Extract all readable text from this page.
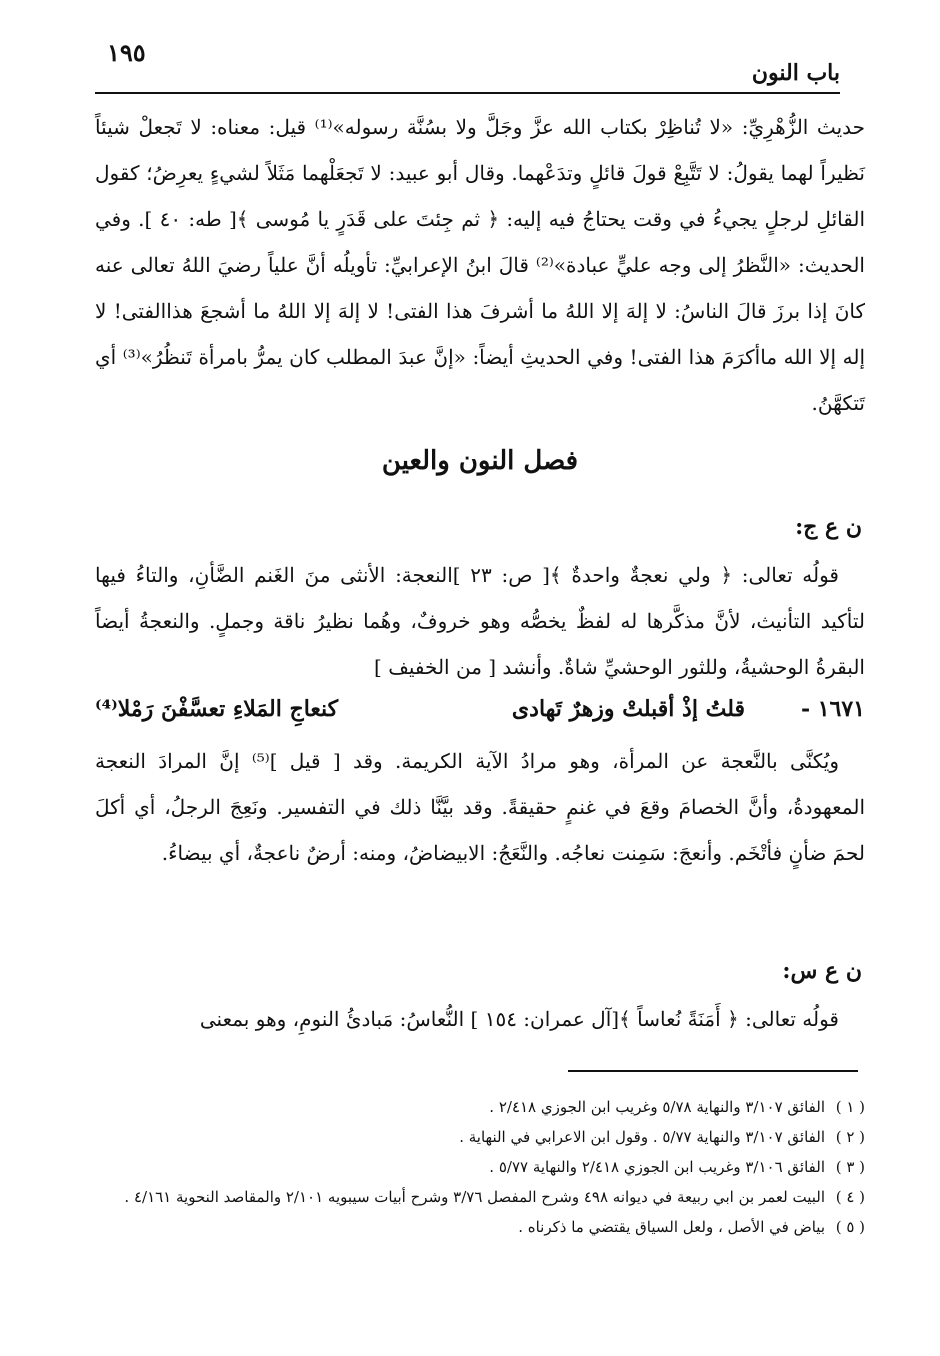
باب النون
١٩٥

حديث الزُّهْرِيِّ: «لا تُناظِرْ بكتاب الله عزَّ وجَلَّ ولا بسُنَّة رسوله»⁽¹⁾ قيل: معناه: لا تَجعلْ شيئاً نَظيراً لهما يقولُ: لا تَتَّبِعْ قولَ قائلٍ وتدَعْهما. وقال أبو عبيد: لا تَجعَلْهما مَثَلاً لشيءٍ يعرِضُ؛ كقول القائلِ لرجلٍ يجيءُ في وقت يحتاجُ فيه إليه: ﴿ ثم جِئتَ على قَدَرٍ يا مُوسى ﴾[ طه: ٤٠ ]. وفي الحديث: «النَّظرُ إلى وجه عليٍّ عبادة»⁽²⁾ قالَ ابنُ الإعرابيِّ: تأويلُه أنَّ علياً رضيَ اللهُ تعالى عنه كانَ إذا برزَ قالَ الناسُ: لا إلهَ إلا اللهُ ما أشرفَ هذا الفتى! لا إلهَ إلا اللهُ ما أشجعَ هذاالفتى! لا إله إلا الله ماأكرَمَ هذا الفتى! وفي الحديثِ أيضاً: «إنَّ عبدَ المطلب كان يمرُّ بامرأة تَنظُرُ»⁽³⁾ أي تَتكهَّنُ.

فصل النون والعين
ن ع ج:

قولُه تعالى: ﴿ ولي نعجةٌ واحدةٌ ﴾[ ص: ٢٣ ]النعجة: الأنثى منَ الغَنم الضَّأنِ، والتاءُ فيها لتأكيد التأنيث، لأنَّ مذكَّرها له لفظٌ يخصُّه وهو خروفٌ، وهُما نظيرُ ناقة وجملٍ. والنعجةُ أيضاً البقرةُ الوحشيةُ، وللثور الوحشيِّ شاةٌ. وأنشد [ من الخفيف ]

١٦٧١ -
قلتُ إذْ أقبلتْ وزهرٌ تَهادى
كنعاجِ المَلاءِ تعسَّفْنَ رَمْلا⁽⁴⁾

ويُكنَّى بالنَّعجة عن المرأة، وهو مرادُ الآية الكريمة. وقد [ قيل ]⁽⁵⁾ إنَّ المرادَ النعجة المعهودةُ، وأنَّ الخصامَ وقعَ في غنمٍ حقيقةً. وقد بيَّنَّا ذلك في التفسير. ونَعِجَ الرجلُ، أي أكلَ لحمَ ضأنٍ فأتْخَم. وأنعجَ: سَمِنت نعاجُه. والنَّعَجُ: الابيضاضُ، ومنه: أرضٌ ناعجةٌ، أي بيضاءُ.

ن ع س:

قولُه تعالى: ﴿ أَمَنَةً نُعاساً ﴾[آل عمران: ١٥٤ ] النُّعاسُ: مَبادئُ النومِ، وهو بمعنى

( ١ )
الفائق ٣/١٠٧ والنهاية ٥/٧٨ وغريب ابن الجوزي ٢/٤١٨ .
( ٢ )
الفائق ٣/١٠٧ والنهاية ٥/٧٧ . وقول ابن الاعرابي في النهاية .
( ٣ )
الفائق ٣/١٠٦ وغريب ابن الجوزي ٢/٤١٨ والنهاية ٥/٧٧ .
( ٤ )
البيت لعمر بن ابي ربيعة في ديوانه ٤٩٨ وشرح المفصل ٣/٧٦ وشرح أبيات سيبويه ٢/١٠١ والمقاصد النحوية ٤/١٦١ .
( ٥ )
بياض في الأصل ، ولعل السياق يقتضي ما ذكرناه .
